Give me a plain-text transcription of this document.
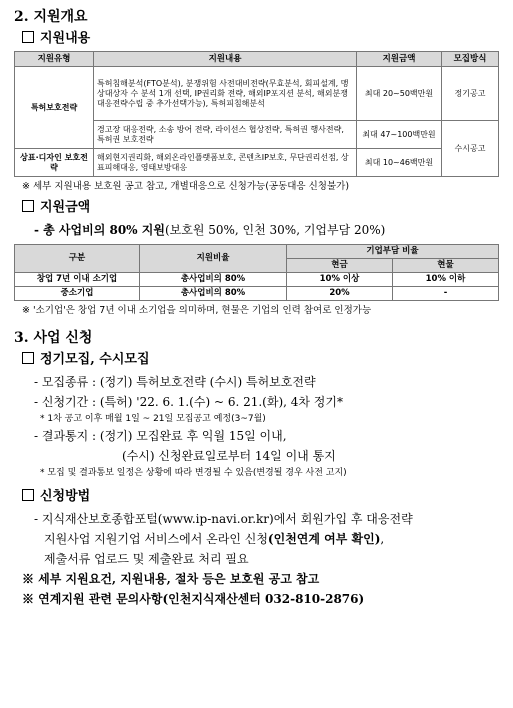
2. 지원개요
지원내용
지원유형	지원내용	지원금액	모집방식
특허보호전략	특허침해분석(FTO분석), 분쟁위험 사전대비전략(무효분석, 회피설계, 맹상대상자 수 분석 1개 선택, IP권리화 전략, 해외IP포지션 분석, 해외분쟁대응전략수립 중 추가선택가능), 특허피침해분석	최대 20~50백만원	정기공고
	경고장 대응전략, 소송 방어 전략, 라이선스 협상전략, 특허권 행사전략, 특허권 보호전략	최대 47~100백만원	수시공고
상표·디자인 보호전략	해외현지권리화, 해외온라인플랫폼보호, 콘텐츠IP보호, 무단권리선점, 상표피해대응, 영태보방대응	최대 10~46백만원	
※ 세부 지원내용 보호원 공고 참고, 개별대응으로 신청가능(공동대응 신청불가)
지원금액
- 총 사업비의 80% 지원(보호원 50%, 인천 30%, 기업부담 20%)
구분	지원비율	기업부담 비율	
		현금	현물
창업 7년 이내 소기업	총사업비의 80%	10% 이상	10% 이하
중소기업	총사업비의 80%	20%	-
※ '소기업'은 창업 7년 이내 소기업을 의미하며, 현물은 기업의 인력 참여로 인정가능
3. 사업 신청
정기모집, 수시모집
- 모집종류 : (정기) 특허보호전략 (수시) 특허보호전략
- 신청기간 : (특허) '22. 6. 1.(수) ~ 6. 21.(화), 4차 정기*
* 1차 공고 이후 매월 1일 ~ 21일 모집공고 예정(3~7월)
- 결과통지 : (정기) 모집완료 후 익월 15일 이내,
(수시) 신청완료일로부터 14일 이내 통지
* 모집 및 결과통보 일정은 상황에 따라 변경될 수 있음(변경될 경우 사전 고지)
신청방법
- 지식재산보호종합포털(www.ip-navi.or.kr)에서 회원가입 후 대응전략
지원사업 지원기업 서비스에서 온라인 신청(인천연계 여부 확인),
제출서류 업로드 및 제출완료 처리 필요
※ 세부 지원요건, 지원내용, 절차 등은 보호원 공고 참고
※ 연계지원 관련 문의사항(인천지식재산센터 032-810-2876)
